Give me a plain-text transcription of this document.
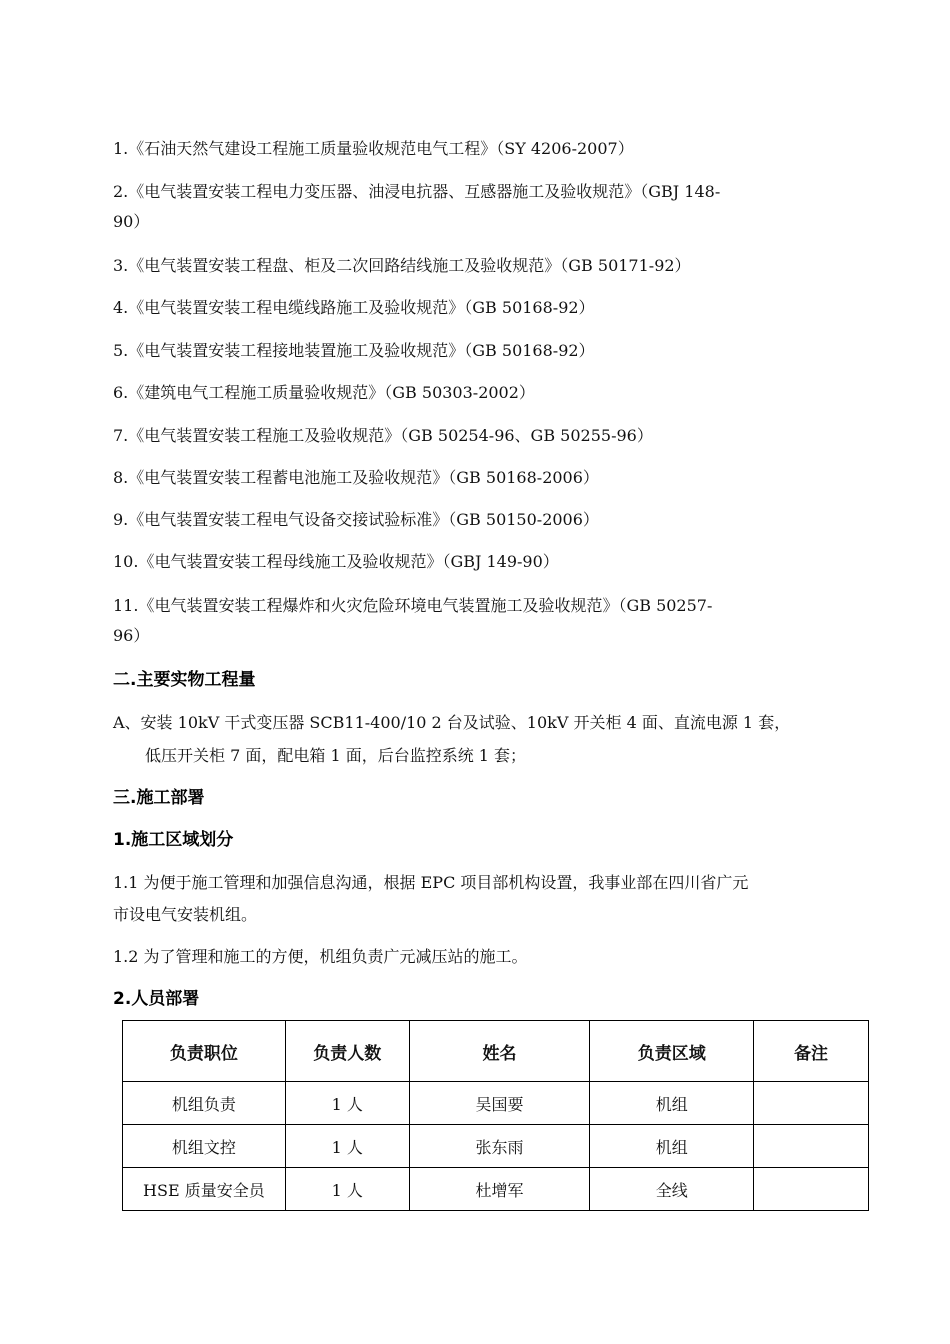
1.《石油天然气建设工程施工质量验收规范电气工程》（SY 4206-2007）
2.《电气装置安装工程电力变压器、油浸电抗器、互感器施工及验收规范》（GBJ 148-
90）
3.《电气装置安装工程盘、柜及二次回路结线施工及验收规范》（GB 50171-92）
4.《电气装置安装工程电缆线路施工及验收规范》（GB 50168-92）
5.《电气装置安装工程接地装置施工及验收规范》（GB 50168-92）
6.《建筑电气工程施工质量验收规范》（GB 50303-2002）
7.《电气装置安装工程施工及验收规范》（GB 50254-96、GB 50255-96）
8.《电气装置安装工程蓄电池施工及验收规范》（GB 50168-2006）
9.《电气装置安装工程电气设备交接试验标准》（GB 50150-2006）
10.《电气装置安装工程母线施工及验收规范》（GBJ 149-90）
11.《电气装置安装工程爆炸和火灾危险环境电气装置施工及验收规范》（GB 50257-
96）
二.主要实物工程量
A、安装 10kV 干式变压器 SCB11-400/10 2 台及试验、10kV 开关柜 4 面、直流电源 1 套，
低压开关柜 7 面，配电箱 1 面，后台监控系统 1 套；
三.施工部署
1.施工区域划分
1.1 为便于施工管理和加强信息沟通，根据 EPC 项目部机构设置，我事业部在四川省广元
市设电气安装机组。
1.2 为了管理和施工的方便，机组负责广元减压站的施工。
2.人员部署
负责职位	负责人数	姓名	负责区域	备注
机组负责	1 人	吴国要	机组	
机组文控	1 人	张东雨	机组	
HSE 质量安全员	1 人	杜增军	全线	
